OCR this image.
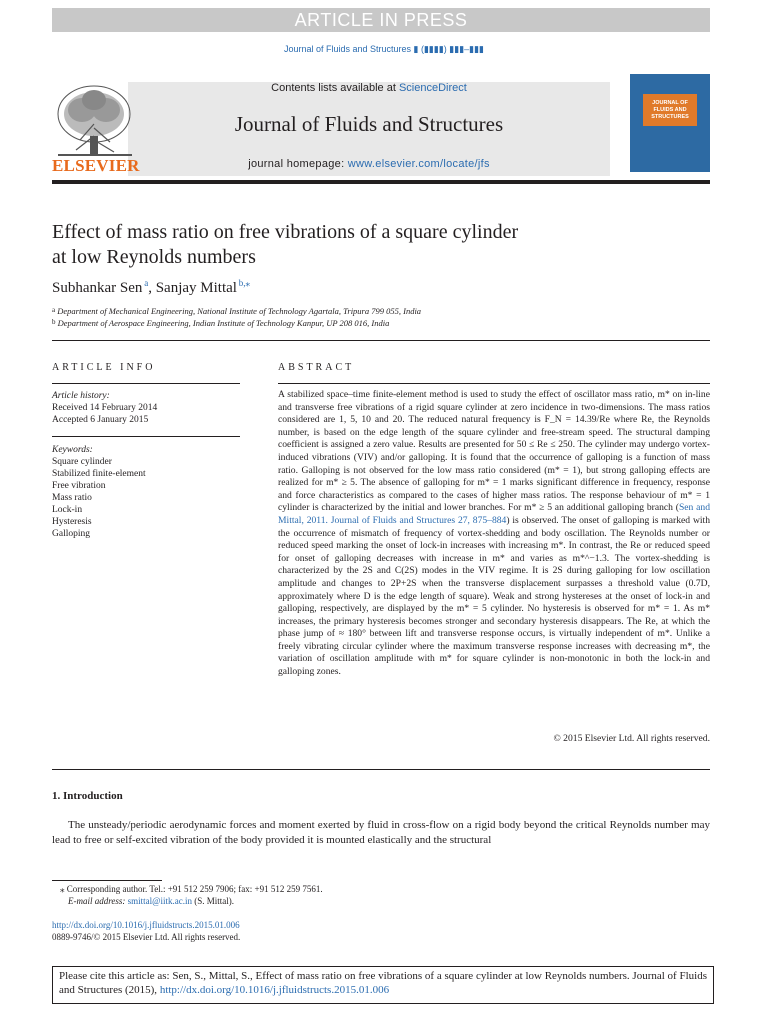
ARTICLE IN PRESS
Journal of Fluids and Structures ▮ (▮▮▮▮) ▮▮▮–▮▮▮
Contents lists available at ScienceDirect
Journal of Fluids and Structures
journal homepage: www.elsevier.com/locate/jfs
ELSEVIER
JOURNAL OF FLUIDS AND STRUCTURES
Effect of mass ratio on free vibrations of a square cylinder
at low Reynolds numbers
Subhankar Sen  $^a$, Sanjay Mittal  $^{b,⁎}$
$^a$ Department of Mechanical Engineering, National Institute of Technology Agartala, Tripura 799 055, India
$^b$ Department of Aerospace Engineering, Indian Institute of Technology Kanpur, UP 208 016, India
ARTICLE INFO
Article history:
Received 14 February 2014
Accepted 6 January 2015
Keywords:
Square cylinder
Stabilized finite-element
Free vibration
Mass ratio
Lock-in
Hysteresis
Galloping
ABSTRACT

A stabilized space–time finite-element method is used to study the effect of oscillator mass ratio, m* on in-line and transverse free vibrations of a rigid square cylinder at zero incidence in two-dimensions. The mass ratios considered are 1, 5, 10 and 20. The reduced natural frequency is F_N = 14.39/Re where Re, the Reynolds number, is based on the edge length of the square cylinder and free-stream speed. The structural damping coefficient is assigned a zero value. Results are presented for 50 ≤ Re ≤ 250. The cylinder may undergo vortex-induced vibrations (VIV) and/or galloping. It is found that the occurrence of galloping is a function of mass ratio. Galloping is not observed for the low mass ratio considered (m* = 1), but strong galloping effects are realized for m* ≥ 5. The absence of galloping for m* = 1 marks significant difference in frequency, response and force characteristics as compared to the cases of higher mass ratios. The response behaviour of m* = 1 cylinder is characterized by the initial and lower branches. For m* ≥ 5 an additional galloping branch (Sen and Mittal, 2011. Journal of Fluids and Structures 27, 875–884) is observed. The onset of galloping is marked with the occurrence of mismatch of frequency of vortex-shedding and body oscillation. The Reynolds number or reduced speed marking the onset of lock-in increases with increasing m*. In contrast, the Re or reduced speed for onset of galloping decreases with increase in m* and varies as m*^−1.3. The vortex-shedding is characterized by the 2S and C(2S) modes in the VIV regime. It is 2S during galloping for low oscillation amplitude and changes to 2P+2S when the transverse displacement surpasses a threshold value (0.7D, approximately where D is the edge length of square). Weak and strong hystereses at the onset of lock-in and galloping, respectively, are displayed by the m* = 5 cylinder. No hysteresis is observed for m* = 1. As m* increases, the primary hysteresis becomes stronger and secondary hysteresis disappears. The Re, at which the phase jump of ≈ 180° between lift and transverse response occurs, is virtually independent of m*. Unlike a freely vibrating circular cylinder where the maximum transverse response increases with decreasing m*, the variation of oscillation amplitude with m* for square cylinder is non-monotonic in both the lock-in and galloping zones.

© 2015 Elsevier Ltd. All rights reserved.
1. Introduction

The unsteady/periodic aerodynamic forces and moment exerted by fluid in cross-flow on a rigid body beyond the critical Reynolds number may lead to free or self-excited vibration of the body provided it is mounted elastically and the structural

⁎ Corresponding author. Tel.: +91 512 259 7906; fax: +91 512 259 7561.
E-mail address: smittal@iitk.ac.in (S. Mittal).
http://dx.doi.org/10.1016/j.jfluidstructs.2015.01.006
0889-9746/© 2015 Elsevier Ltd. All rights reserved.
Please cite this article as: Sen, S., Mittal, S., Effect of mass ratio on free vibrations of a square cylinder at low Reynolds numbers. Journal of Fluids and Structures (2015), http://dx.doi.org/10.1016/j.jfluidstructs.2015.01.006
